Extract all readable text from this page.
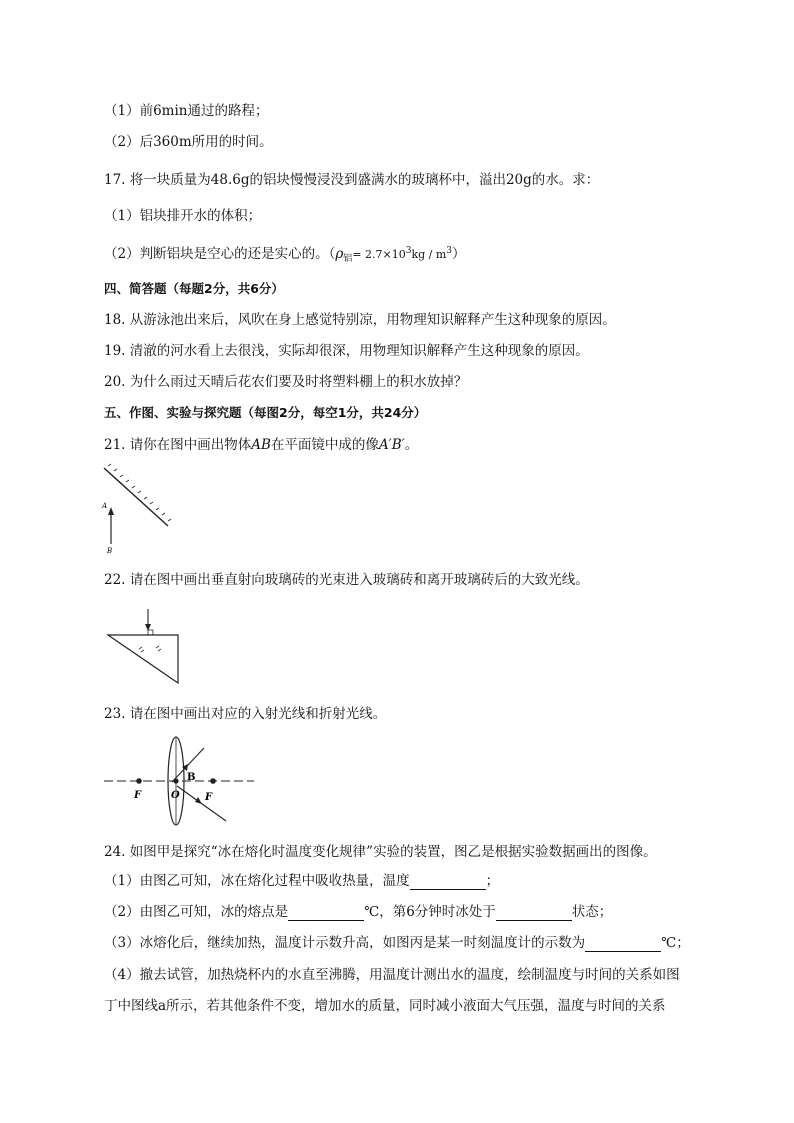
（1）前6min通过的路程；
（2）后360m所用的时间。
17. 将一块质量为48.6g的铝块慢慢浸没到盛满水的玻璃杯中，溢出20g的水。求：
（1）铝块排开水的体积；
（2）判断铝块是空心的还是实心的。$(\rho_铝= 2.7\times 10^3kg / m^3)$
四、简答题（每题2分，共6分）
18. 从游泳池出来后，风吹在身上感觉特别凉，用物理知识解释产生这种现象的原因。
19. 清澈的河水看上去很浅，实际却很深，用物理知识解释产生这种现象的原因。
20. 为什么雨过天晴后花农们要及时将塑料棚上的积水放掉？
五、作图、实验与探究题（每图2分，每空1分，共24分）
21. 请你在图中画出物体AB在平面镜中成的像A′B′。
A
B
22. 请在图中画出垂直射向玻璃砖的光束进入玻璃砖和离开玻璃砖后的大致光线。
23. 请在图中画出对应的入射光线和折射光线。
F	O	F
B
24. 如图甲是探究“冰在熔化时温度变化规律”实验的装置，图乙是根据实验数据画出的图像。
（1）由图乙可知，冰在熔化过程中吸收热量，温度	；
（2）由图乙可知，冰的熔点是	℃，第6分钟时冰处于	状态；
（3）冰熔化后，继续加热，温度计示数升高，如图丙是某一时刻温度计的示数为	℃；
（4）撤去试管，加热烧杯内的水直至沸腾，用温度计测出水的温度，绘制温度与时间的关系如图
丁中图线a所示，若其他条件不变，增加水的质量，同时减小液面大气压强，温度与时间的关系
